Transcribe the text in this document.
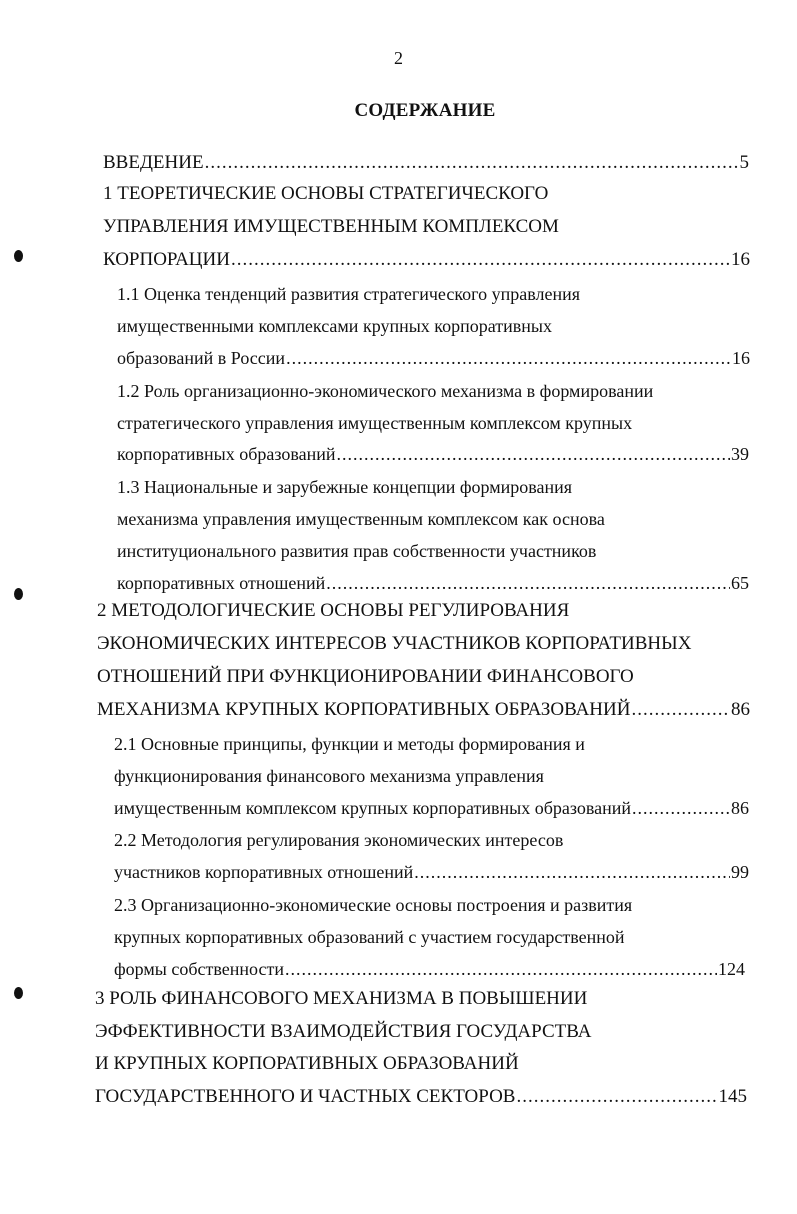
2
СОДЕРЖАНИЕ
ВВЕДЕНИЕ .....	5
1 ТЕОРЕТИЧЕСКИЕ ОСНОВЫ СТРАТЕГИЧЕСКОГО
УПРАВЛЕНИЯ ИМУЩЕСТВЕННЫМ КОМПЛЕКСОМ
КОРПОРАЦИИ .....	16
1.1 Оценка тенденций развития стратегического управления
имущественными комплексами крупных корпоративных
образований в России .....	16
1.2 Роль организационно-экономического механизма в формировании
стратегического управления имущественным комплексом крупных
корпоративных образований .....	39
1.3 Национальные и зарубежные концепции формирования
механизма управления имущественным комплексом как основа
институционального развития прав собственности участников
корпоративных отношений .....	65
2 МЕТОДОЛОГИЧЕСКИЕ ОСНОВЫ РЕГУЛИРОВАНИЯ
ЭКОНОМИЧЕСКИХ ИНТЕРЕСОВ УЧАСТНИКОВ КОРПОРАТИВНЫХ
ОТНОШЕНИЙ ПРИ ФУНКЦИОНИРОВАНИИ ФИНАНСОВОГО
МЕХАНИЗМА КРУПНЫХ КОРПОРАТИВНЫХ ОБРАЗОВАНИЙ .....	86
2.1 Основные принципы, функции и методы формирования и
функционирования финансового механизма управления
имущественным комплексом крупных корпоративных образований .....	86
2.2 Методология регулирования экономических интересов
участников корпоративных отношений .....	99
2.3 Организационно-экономические основы построения и развития
крупных корпоративных образований с участием государственной
формы собственности .....	124
3 РОЛЬ ФИНАНСОВОГО МЕХАНИЗМА В ПОВЫШЕНИИ
ЭФФЕКТИВНОСТИ ВЗАИМОДЕЙСТВИЯ ГОСУДАРСТВА
И КРУПНЫХ КОРПОРАТИВНЫХ ОБРАЗОВАНИЙ
ГОСУДАРСТВЕННОГО И ЧАСТНЫХ СЕКТОРОВ .....	145
